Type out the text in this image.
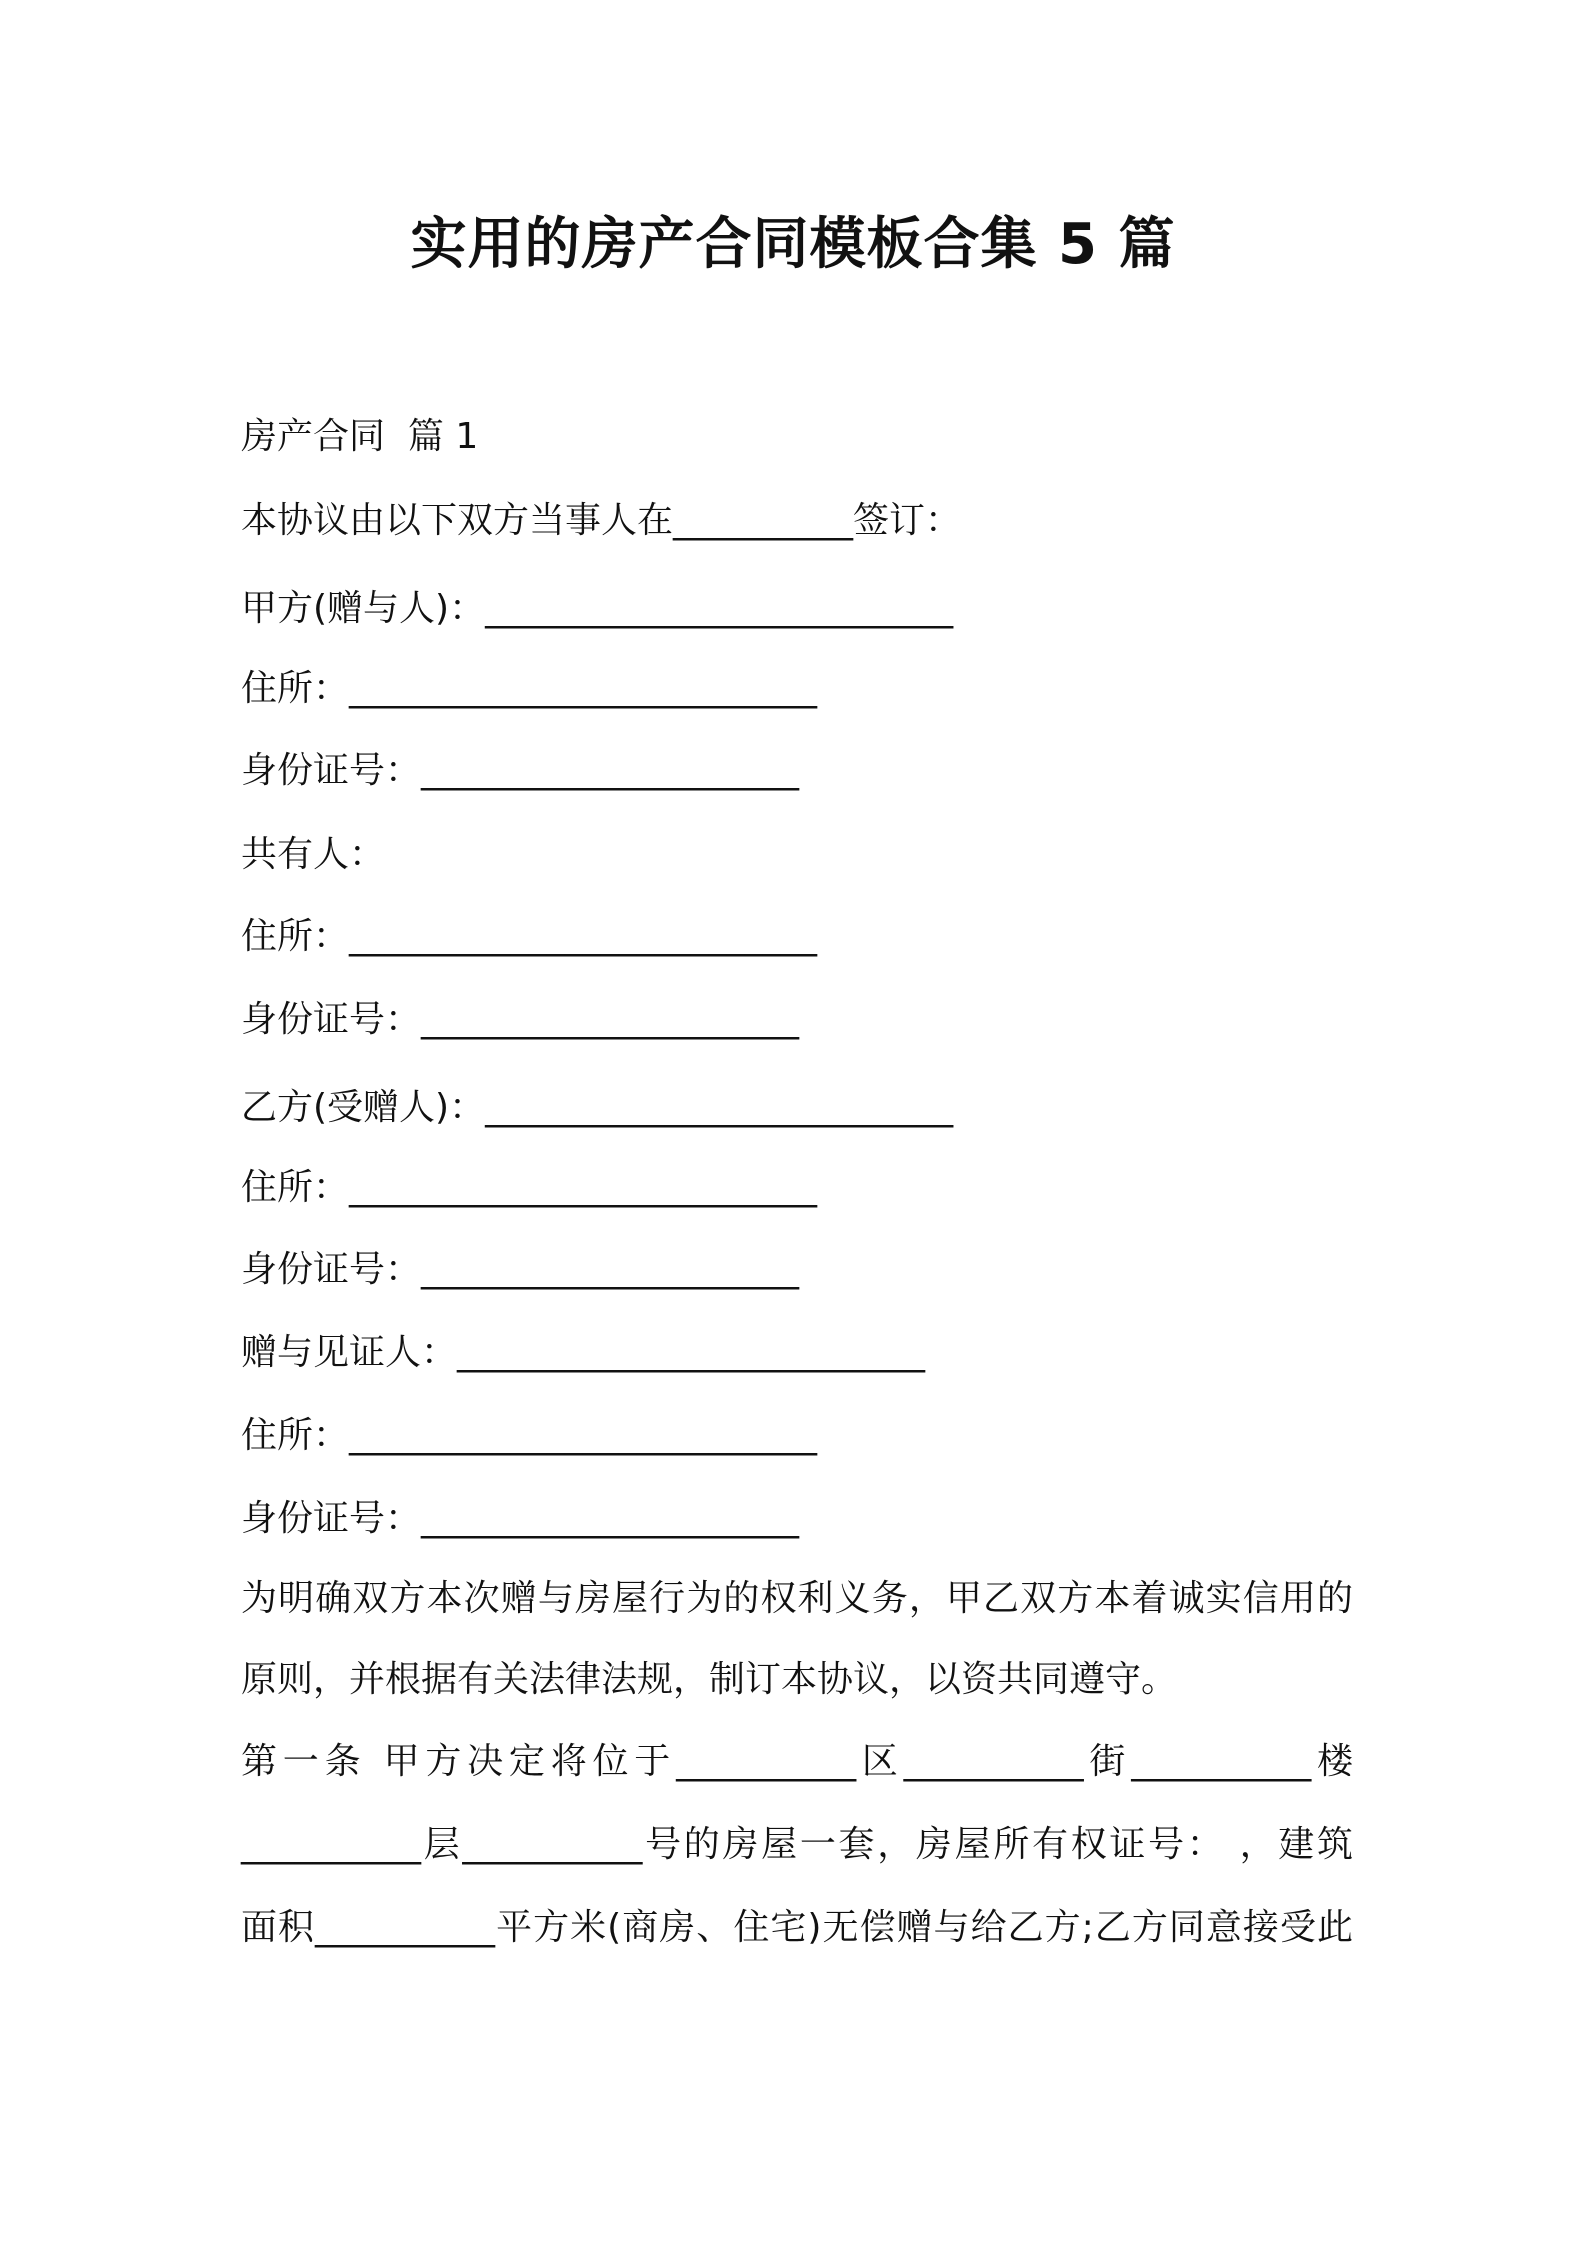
实用的房产合同模板合集 5 篇

房产合同  篇 1

本协议由以下双方当事人在__________签订：

甲方(赠与人)：__________________________

住所：__________________________

身份证号：_____________________

共有人：

住所：__________________________

身份证号：_____________________

乙方(受赠人)：__________________________

住所：__________________________

身份证号：_____________________

赠与见证人：__________________________

住所：__________________________

身份证号：_____________________

为明确双方本次赠与房屋行为的权利义务，甲乙双方本着诚实信用的

原则，并根据有关法律法规，制订本协议，以资共同遵守。

第一条 甲方决定将位于__________区__________街__________楼

__________层__________号的房屋一套，房屋所有权证号： ，建筑

面积__________平方米(商房、住宅)无偿赠与给乙方;乙方同意接受此
